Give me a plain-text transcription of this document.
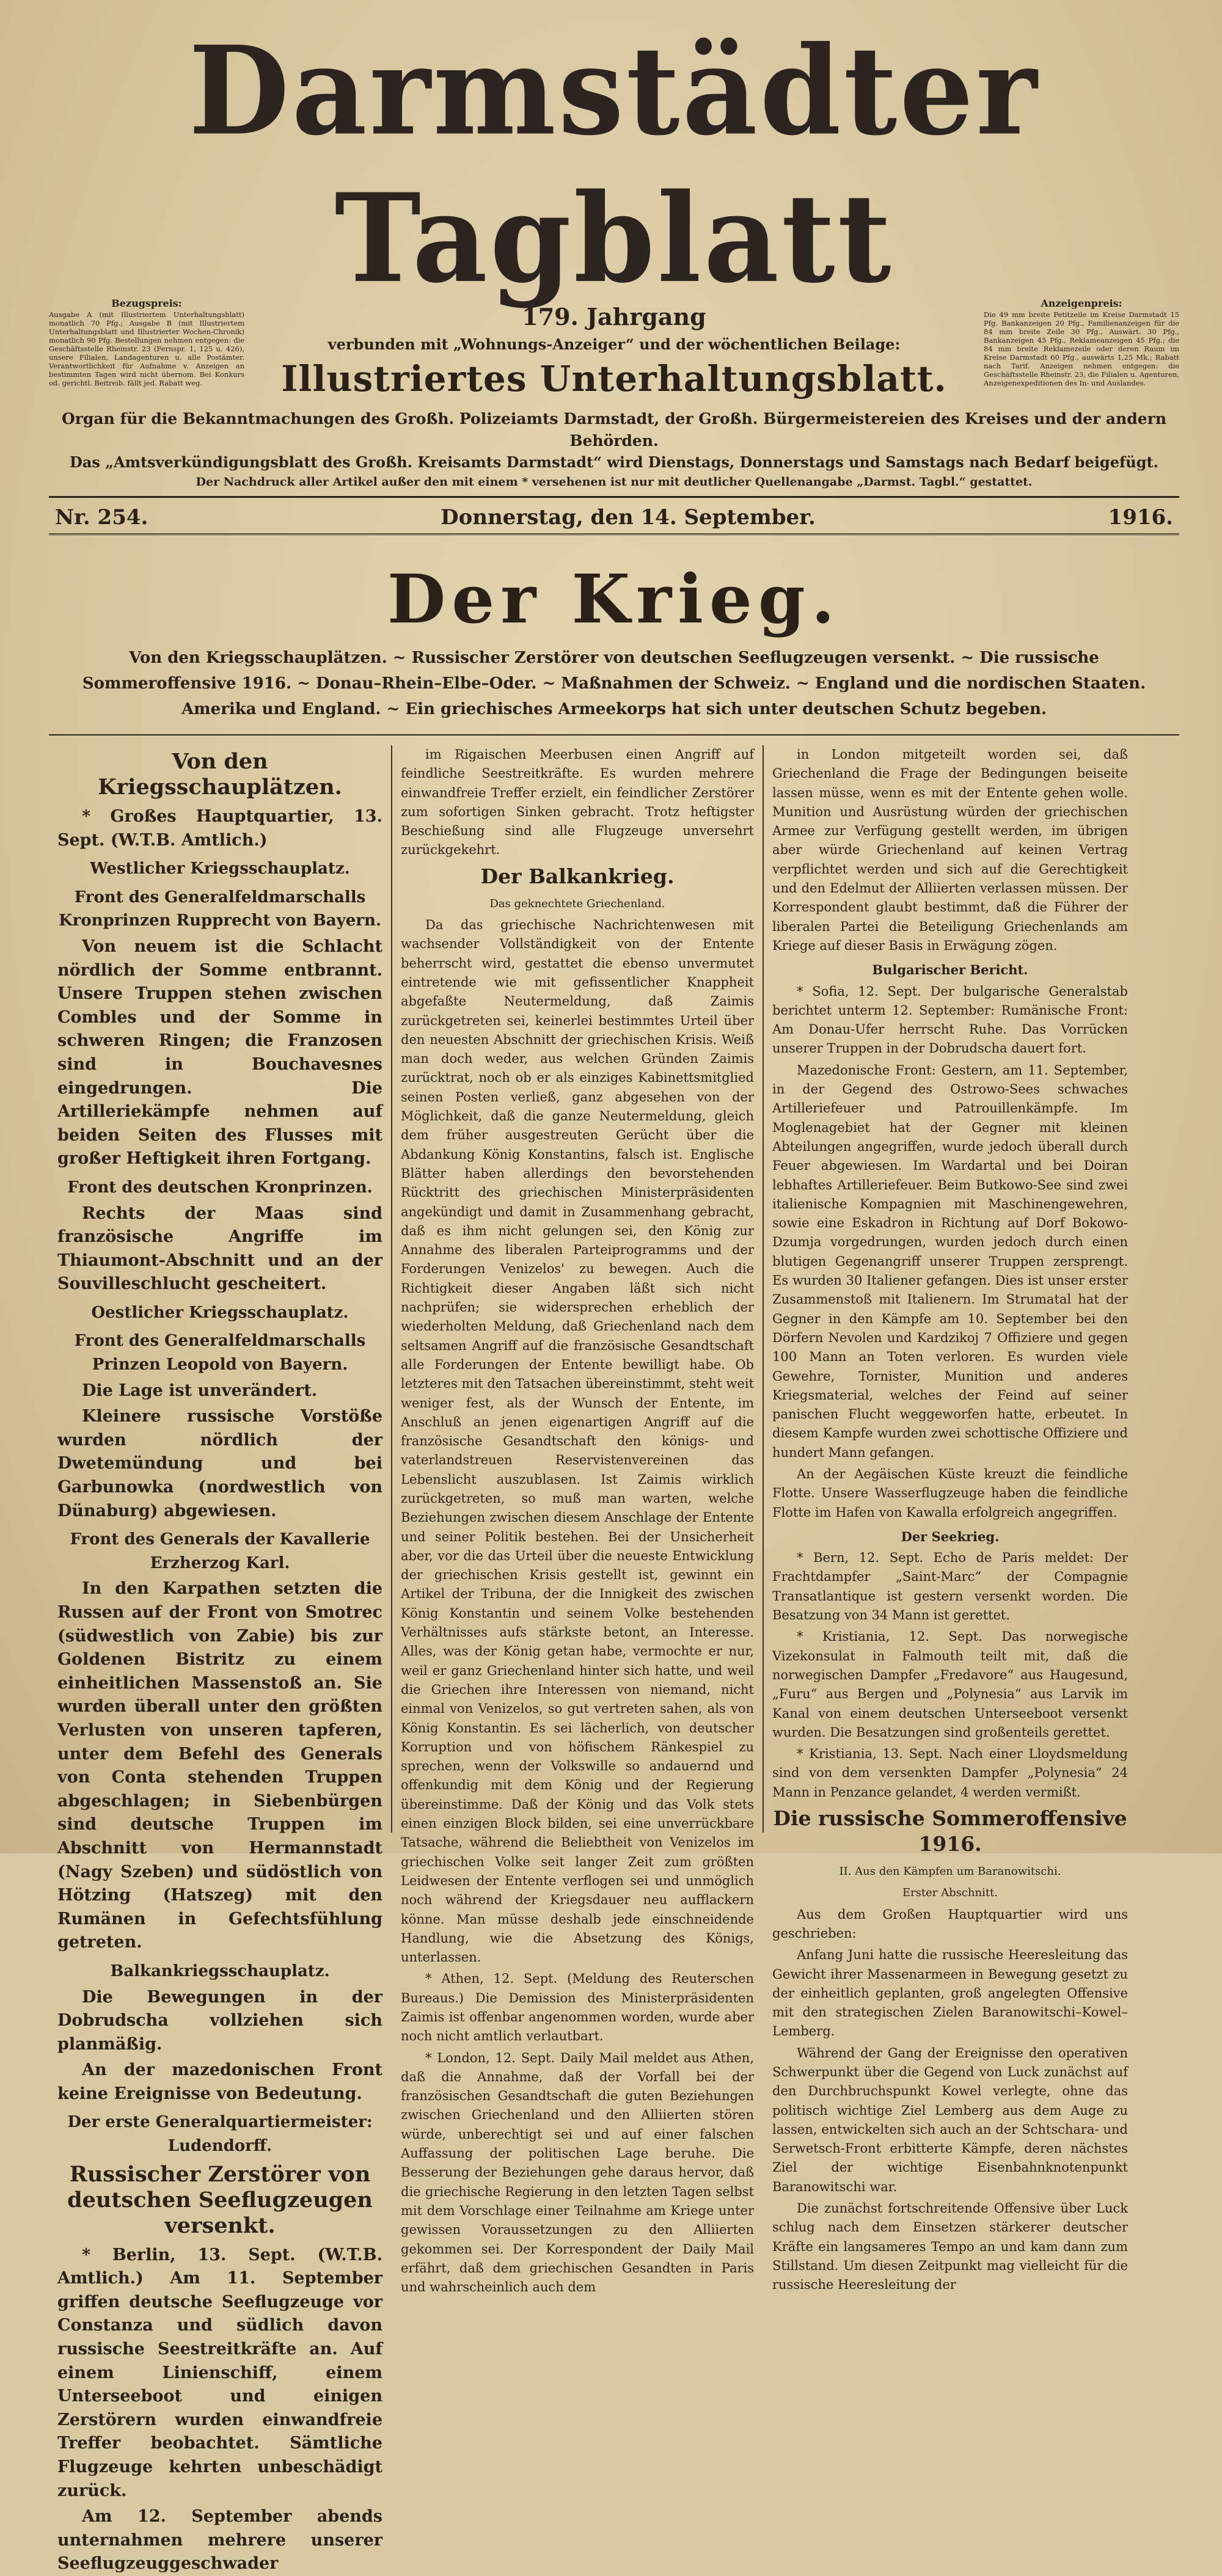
Darmstädter Tagblatt
Bezugspreis:
Ausgabe A (mit Illustriertem Unterhaltungsblatt) monatlich 70 Pfg.; Ausgabe B (mit Illustriertem Unterhaltungsblatt und Illustrierter Wochen-Chronik) monatlich 90 Pfg. Bestellungen nehmen entgegen: die Geschäftsstelle Rheinstr. 23 (Fernspr. 1, 125 u. 426), unsere Filialen, Landagenturen u. alle Postämter. Verantwortlichkeit für Aufnahme v. Anzeigen an bestimmten Tagen wird nicht übernom. Bei Konkurs od. gerichtl. Beitreib. fällt jed. Rabatt weg.
179. Jahrgang
verbunden mit „Wohnungs-Anzeiger“ und der wöchentlichen Beilage:
Illustriertes Unterhaltungsblatt.
Anzeigenpreis:
Die 49 mm breite Petitzeile im Kreise Darmstadt 15 Pfg. Bankanzeigen 20 Pfg., Familienanzeigen für die 84 mm breite Zeile 30 Pfg., Auswärt. 30 Pfg., Bankanzeigen 45 Pfg., Reklameanzeigen 45 Pfg.; die 84 mm breite Reklamezeile oder deren Raum im Kreise Darmstadt 60 Pfg., auswärts 1,25 Mk.; Rabatt nach Tarif. Anzeigen nehmen entgegen: die Geschäftsstelle Rheinstr. 23, die Filialen u. Agenturen, Anzeigenexpeditionen des In- und Auslandes.
Organ für die Bekanntmachungen des Großh. Polizeiamts Darmstadt, der Großh. Bürgermeistereien des Kreises und der andern Behörden.
Das „Amtsverkündigungsblatt des Großh. Kreisamts Darmstadt“ wird Dienstags, Donnerstags und Samstags nach Bedarf beigefügt.
Der Nachdruck aller Artikel außer den mit einem * versehenen ist nur mit deutlicher Quellenangabe „Darmst. Tagbl.“ gestattet.
Nr. 254.	Donnerstag, den 14. September.	1916.
Der Krieg.
Von den Kriegsschauplätzen. ~ Russischer Zerstörer von deutschen Seeflugzeugen versenkt. ~ Die russische Sommeroffensive 1916. ~ Donau–Rhein–Elbe–Oder. ~ Maßnahmen der Schweiz. ~ England und die nordischen Staaten. Amerika und England. ~ Ein griechisches Armeekorps hat sich unter deutschen Schutz begeben.

Von den Kriegsschauplätzen.

* Großes Hauptquartier, 13. Sept. (W.T.B. Amtlich.)

Westlicher Kriegsschauplatz.

Front des Generalfeldmarschalls Kronprinzen Rupprecht von Bayern.

Von neuem ist die Schlacht nördlich der Somme entbrannt. Unsere Truppen stehen zwischen Combles und der Somme in schweren Ringen; die Franzosen sind in Bouchavesnes eingedrungen. Die Artilleriekämpfe nehmen auf beiden Seiten des Flusses mit großer Heftigkeit ihren Fortgang.

Front des deutschen Kronprinzen.

Rechts der Maas sind französische Angriffe im Thiaumont-Abschnitt und an der Souvilleschlucht gescheitert.

Oestlicher Kriegsschauplatz.

Front des Generalfeldmarschalls Prinzen Leopold von Bayern.

Die Lage ist unverändert.

Kleinere russische Vorstöße wurden nördlich der Dwetemündung und bei Garbunowka (nordwestlich von Dünaburg) abgewiesen.

Front des Generals der Kavallerie Erzherzog Karl.

In den Karpathen setzten die Russen auf der Front von Smotrec (südwestlich von Zabie) bis zur Goldenen Bistritz zu einem einheitlichen Massenstoß an. Sie wurden überall unter den größten Verlusten von unseren tapferen, unter dem Befehl des Generals von Conta stehenden Truppen abgeschlagen; in Siebenbürgen sind deutsche Truppen im Abschnitt von Hermannstadt (Nagy Szeben) und südöstlich von Hötzing (Hatszeg) mit den Rumänen in Gefechtsfühlung getreten.

Balkankriegsschauplatz.

Die Bewegungen in der Dobrudscha vollziehen sich planmäßig.

An der mazedonischen Front keine Ereignisse von Bedeutung.

Der erste Generalquartiermeister: Ludendorff.

Russischer Zerstörer von deutschen Seeflugzeugen versenkt.

* Berlin, 13. Sept. (W.T.B. Amtlich.) Am 11. September griffen deutsche Seeflugzeuge vor Constanza und südlich davon russische Seestreitkräfte an. Auf einem Linienschiff, einem Unterseeboot und einigen Zerstörern wurden einwandfreie Treffer beobachtet. Sämtliche Flugzeuge kehrten unbeschädigt zurück.

Am 12. September abends unternahmen mehrere unserer Seeflugzeuggeschwader

im Rigaischen Meerbusen einen Angriff auf feindliche Seestreitkräfte. Es wurden mehrere einwandfreie Treffer erzielt, ein feindlicher Zerstörer zum sofortigen Sinken gebracht. Trotz heftigster Beschießung sind alle Flugzeuge unversehrt zurückgekehrt.

Der Balkankrieg.

Das geknechtete Griechenland.

Da das griechische Nachrichtenwesen mit wachsender Vollständigkeit von der Entente beherrscht wird, gestattet die ebenso unvermutet eintretende wie mit gefissentlicher Knappheit abgefaßte Neutermeldung, daß Zaimis zurückgetreten sei, keinerlei bestimmtes Urteil über den neuesten Abschnitt der griechischen Krisis. Weiß man doch weder, aus welchen Gründen Zaimis zurücktrat, noch ob er als einziges Kabinettsmitglied seinen Posten verließ, ganz abgesehen von der Möglichkeit, daß die ganze Neutermeldung, gleich dem früher ausgestreuten Gerücht über die Abdankung König Konstantins, falsch ist. Englische Blätter haben allerdings den bevorstehenden Rücktritt des griechischen Ministerpräsidenten angekündigt und damit in Zusammenhang gebracht, daß es ihm nicht gelungen sei, den König zur Annahme des liberalen Parteiprogramms und der Forderungen Venizelos' zu bewegen. Auch die Richtigkeit dieser Angaben läßt sich nicht nachprüfen; sie widersprechen erheblich der wiederholten Meldung, daß Griechenland nach dem seltsamen Angriff auf die französische Gesandtschaft alle Forderungen der Entente bewilligt habe. Ob letzteres mit den Tatsachen übereinstimmt, steht weit weniger fest, als der Wunsch der Entente, im Anschluß an jenen eigenartigen Angriff auf die französische Gesandtschaft den königs- und vaterlandstreuen Reservistenvereinen das Lebenslicht auszublasen. Ist Zaimis wirklich zurückgetreten, so muß man warten, welche Beziehungen zwischen diesem Anschlage der Entente und seiner Politik bestehen. Bei der Unsicherheit aber, vor die das Urteil über die neueste Entwicklung der griechischen Krisis gestellt ist, gewinnt ein Artikel der Tribuna, der die Innigkeit des zwischen König Konstantin und seinem Volke bestehenden Verhältnisses aufs stärkste betont, an Interesse. Alles, was der König getan habe, vermochte er nur, weil er ganz Griechenland hinter sich hatte, und weil die Griechen ihre Interessen von niemand, nicht einmal von Venizelos, so gut vertreten sahen, als von König Konstantin. Es sei lächerlich, von deutscher Korruption und von höfischem Ränkespiel zu sprechen, wenn der Volkswille so andauernd und offenkundig mit dem König und der Regierung übereinstimme. Daß der König und das Volk stets einen einzigen Block bilden, sei eine unverrückbare Tatsache, während die Beliebtheit von Venizelos im griechischen Volke seit langer Zeit zum größten Leidwesen der Entente verflogen sei und unmöglich noch während der Kriegsdauer neu aufflackern könne. Man müsse deshalb jede einschneidende Handlung, wie die Absetzung des Königs, unterlassen.

* Athen, 12. Sept. (Meldung des Reuterschen Bureaus.) Die Demission des Ministerpräsidenten Zaimis ist offenbar angenommen worden, wurde aber noch nicht amtlich verlautbart.

* London, 12. Sept. Daily Mail meldet aus Athen, daß die Annahme, daß der Vorfall bei der französischen Gesandtschaft die guten Beziehungen zwischen Griechenland und den Alliierten stören würde, unberechtigt sei und auf einer falschen Auffassung der politischen Lage beruhe. Die Besserung der Beziehungen gehe daraus hervor, daß die griechische Regierung in den letzten Tagen selbst mit dem Vorschlage einer Teilnahme am Kriege unter gewissen Voraussetzungen zu den Alliierten gekommen sei. Der Korrespondent der Daily Mail erfährt, daß dem griechischen Gesandten in Paris und wahrscheinlich auch dem

in London mitgeteilt worden sei, daß Griechenland die Frage der Bedingungen beiseite lassen müsse, wenn es mit der Entente gehen wolle. Munition und Ausrüstung würden der griechischen Armee zur Verfügung gestellt werden, im übrigen aber würde Griechenland auf keinen Vertrag verpflichtet werden und sich auf die Gerechtigkeit und den Edelmut der Alliierten verlassen müssen. Der Korrespondent glaubt bestimmt, daß die Führer der liberalen Partei die Beteiligung Griechenlands am Kriege auf dieser Basis in Erwägung zögen.

Bulgarischer Bericht.

* Sofia, 12. Sept. Der bulgarische Generalstab berichtet unterm 12. September: Rumänische Front: Am Donau-Ufer herrscht Ruhe. Das Vorrücken unserer Truppen in der Dobrudscha dauert fort.

Mazedonische Front: Gestern, am 11. September, in der Gegend des Ostrowo-Sees schwaches Artilleriefeuer und Patrouillenkämpfe. Im Moglenagebiet hat der Gegner mit kleinen Abteilungen angegriffen, wurde jedoch überall durch Feuer abgewiesen. Im Wardartal und bei Doiran lebhaftes Artilleriefeuer. Beim Butkowo-See sind zwei italienische Kompagnien mit Maschinengewehren, sowie eine Eskadron in Richtung auf Dorf Bokowo-Dzumja vorgedrungen, wurden jedoch durch einen blutigen Gegenangriff unserer Truppen zersprengt. Es wurden 30 Italiener gefangen. Dies ist unser erster Zusammenstoß mit Italienern. Im Strumatal hat der Gegner in den Kämpfe am 10. September bei den Dörfern Nevolen und Kardzikoj 7 Offiziere und gegen 100 Mann an Toten verloren. Es wurden viele Gewehre, Tornister, Munition und anderes Kriegsmaterial, welches der Feind auf seiner panischen Flucht weggeworfen hatte, erbeutet. In diesem Kampfe wurden zwei schottische Offiziere und hundert Mann gefangen.

An der Aegäischen Küste kreuzt die feindliche Flotte. Unsere Wasserflugzeuge haben die feindliche Flotte im Hafen von Kawalla erfolgreich angegriffen.

Der Seekrieg.

* Bern, 12. Sept. Echo de Paris meldet: Der Frachtdampfer „Saint-Marc“ der Compagnie Transatlantique ist gestern versenkt worden. Die Besatzung von 34 Mann ist gerettet.

* Kristiania, 12. Sept. Das norwegische Vizekonsulat in Falmouth teilt mit, daß die norwegischen Dampfer „Fredavore“ aus Haugesund, „Furu“ aus Bergen und „Polynesia“ aus Larvik im Kanal von einem deutschen Unterseeboot versenkt wurden. Die Besatzungen sind großenteils gerettet.

* Kristiania, 13. Sept. Nach einer Lloydsmeldung sind von dem versenkten Dampfer „Polynesia“ 24 Mann in Penzance gelandet, 4 werden vermißt.

Die russische Sommeroffensive 1916.

II. Aus den Kämpfen um Baranowitschi.

Erster Abschnitt.

Aus dem Großen Hauptquartier wird uns geschrieben:

Anfang Juni hatte die russische Heeresleitung das Gewicht ihrer Massenarmeen in Bewegung gesetzt zu der einheitlich geplanten, groß angelegten Offensive mit den strategischen Zielen Baranowitschi–Kowel–Lemberg.

Während der Gang der Ereignisse den operativen Schwerpunkt über die Gegend von Luck zunächst auf den Durchbruchspunkt Kowel verlegte, ohne das politisch wichtige Ziel Lemberg aus dem Auge zu lassen, entwickelten sich auch an der Schtschara- und Serwetsch-Front erbitterte Kämpfe, deren nächstes Ziel der wichtige Eisenbahnknotenpunkt Baranowitschi war.

Die zunächst fortschreitende Offensive über Luck schlug nach dem Einsetzen stärkerer deutscher Kräfte ein langsameres Tempo an und kam dann zum Stillstand. Um diesen Zeitpunkt mag vielleicht für die russische Heeresleitung der
